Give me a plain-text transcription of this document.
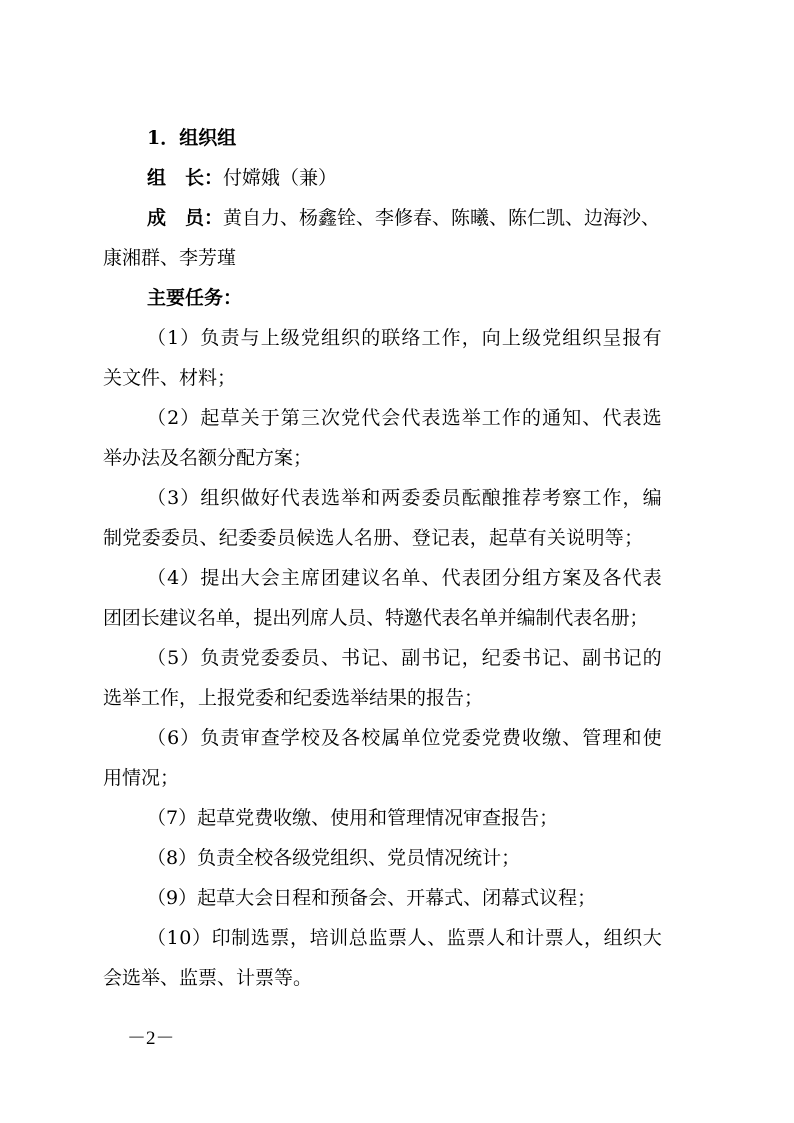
1．组织组
组　长：付嫦娥（兼）
成　员：黄自力、杨鑫铨、李修春、陈曦、陈仁凯、边海沙、
康湘群、李芳瑾
主要任务：
（1）负责与上级党组织的联络工作，向上级党组织呈报有
关文件、材料；
（2）起草关于第三次党代会代表选举工作的通知、代表选
举办法及名额分配方案；
（3）组织做好代表选举和两委委员酝酿推荐考察工作，编
制党委委员、纪委委员候选人名册、登记表，起草有关说明等；
（4）提出大会主席团建议名单、代表团分组方案及各代表
团团长建议名单，提出列席人员、特邀代表名单并编制代表名册；
（5）负责党委委员、书记、副书记，纪委书记、副书记的
选举工作，上报党委和纪委选举结果的报告；
（6）负责审查学校及各校属单位党委党费收缴、管理和使
用情况；
（7）起草党费收缴、使用和管理情况审查报告；
（8）负责全校各级党组织、党员情况统计；
（9）起草大会日程和预备会、开幕式、闭幕式议程；
（10）印制选票，培训总监票人、监票人和计票人，组织大
会选举、监票、计票等。
－2－
